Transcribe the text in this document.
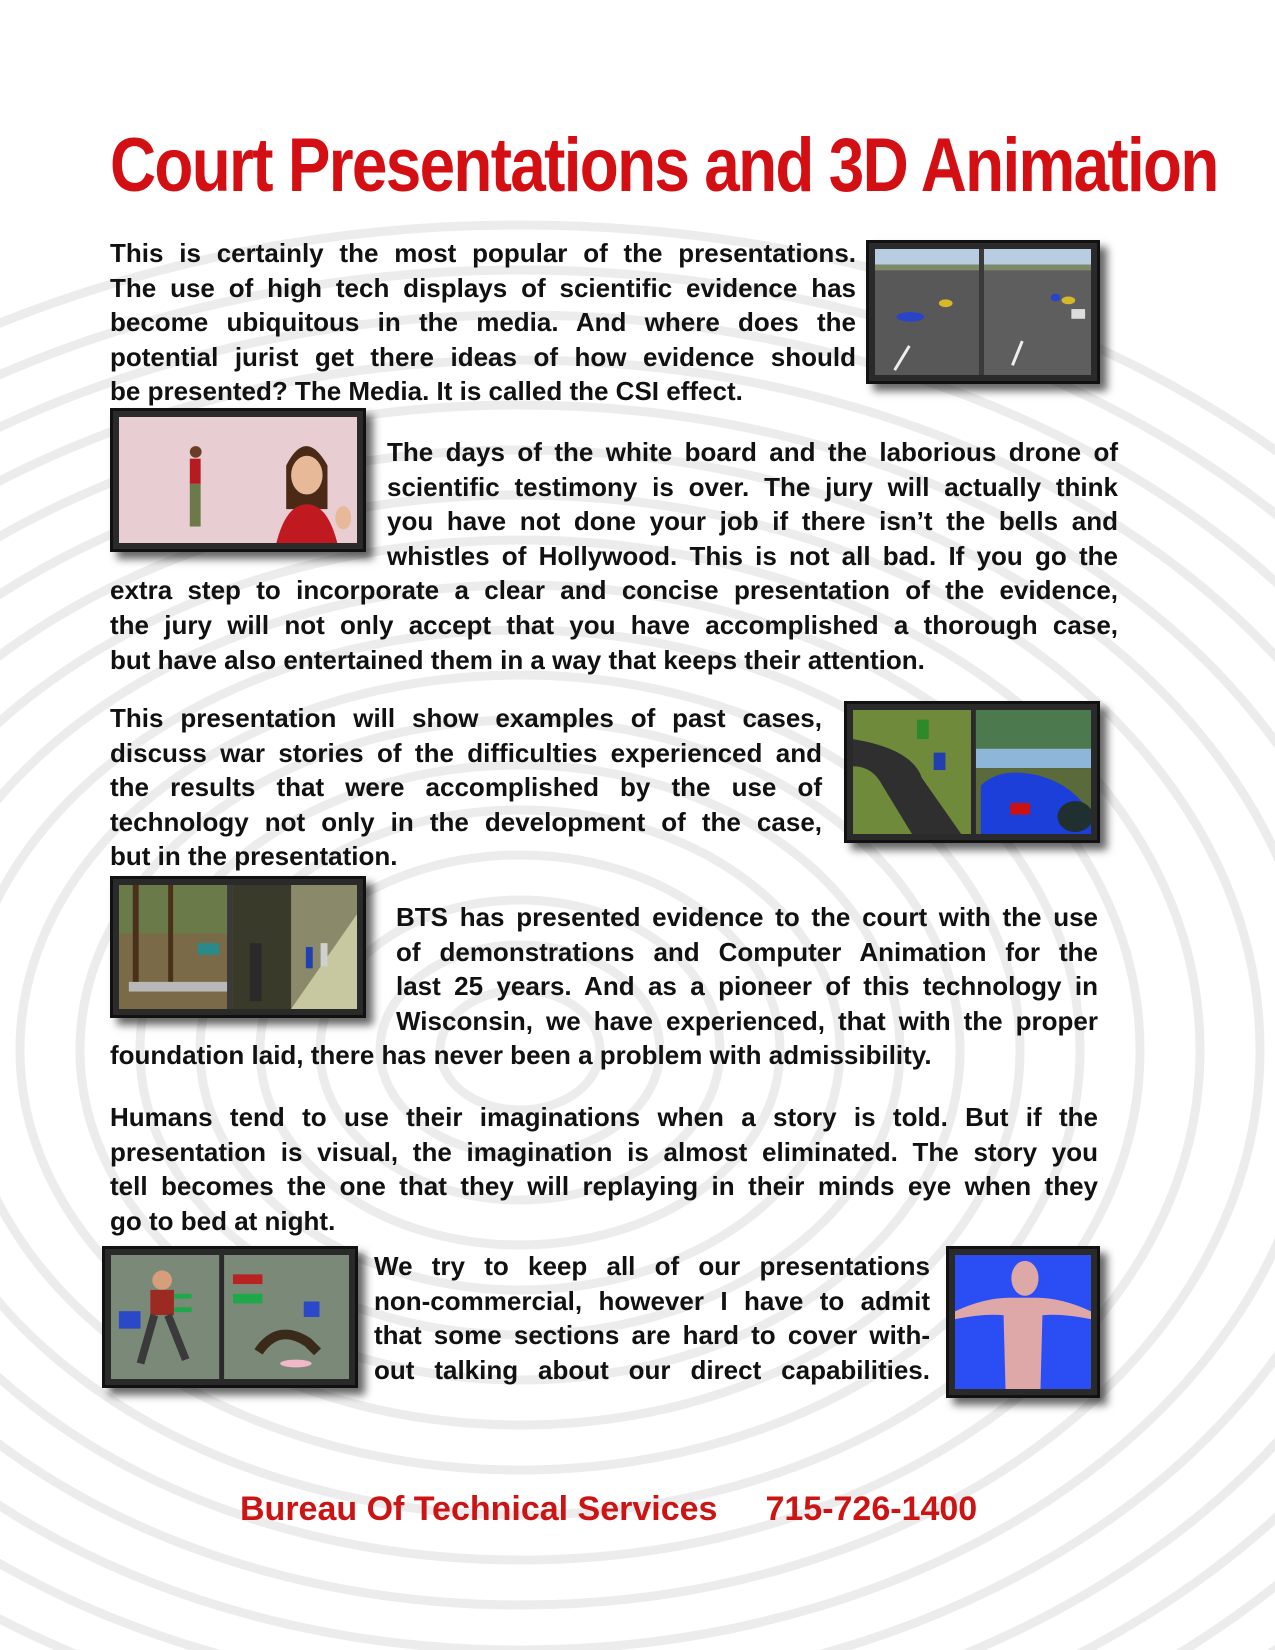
Court Presentations and 3D Animation
This is certainly the most popular of the presentations.
The use of high tech displays of scientific evidence has
become ubiquitous in the media. And where does the
potential jurist get there ideas of how evidence should
be presented? The Media. It is called the CSI effect.
The days of the white board and the laborious drone of
scientific testimony is over. The jury will actually think
you have not done your job if there isn’t the bells and
whistles of Hollywood. This is not all bad. If you go the
extra step to incorporate a clear and concise presentation of the evidence,
the jury will not only accept that you have accomplished a thorough case,
but have also entertained them in a way that keeps their attention.
This presentation will show examples of past cases,
discuss war stories of the difficulties experienced and
the results that were accomplished by the use of
technology not only in the development of the case,
but in the presentation.
BTS has presented evidence to the court with the use
of demonstrations and Computer Animation for the
last 25 years. And as a pioneer of this technology in
Wisconsin, we have experienced, that with the proper
foundation laid, there has never been a problem with admissibility.
Humans tend to use their imaginations when a story is told. But if the
presentation is visual, the imagination is almost eliminated. The story you
tell becomes the one that they will replaying in their minds eye when they
go to bed at night.
We try to keep all of our presentations
non-commercial, however I have to admit
that some sections are hard to cover with-
out talking about our direct capabilities.
Bureau Of Technical Services 715-726-1400
